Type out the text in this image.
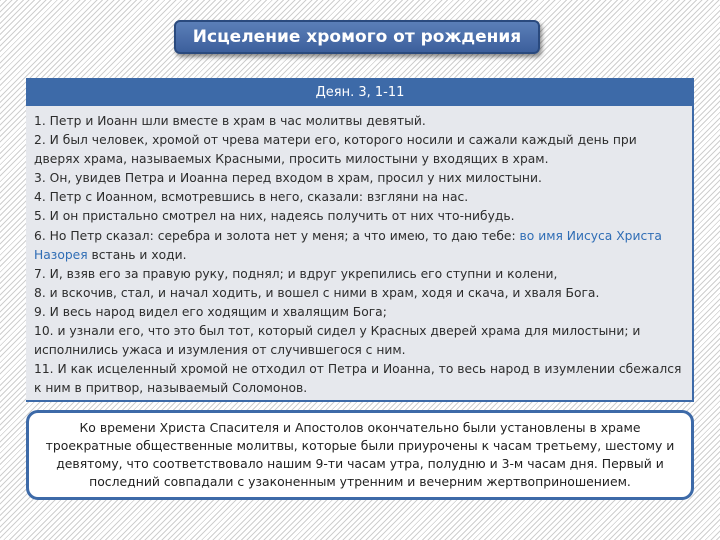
Исцеление хромого от рождения
Деян. 3, 1-11
1. Петр и Иоанн шли вместе в храм в час молитвы девятый.
2. И был человек, хромой от чрева матери его, которого носили и сажали каждый день при дверях храма, называемых Красными, просить милостыни у входящих в храм.
3. Он, увидев Петра и Иоанна перед входом в храм, просил у них милостыни.
4. Петр с Иоанном, всмотревшись в него, сказали: взгляни на нас.
5. И он пристально смотрел на них, надеясь получить от них что-нибудь.
6. Но Петр сказал: серебра и золота нет у меня; а что имею, то даю тебе: во имя Иисуса Христа Назорея встань и ходи.
7. И, взяв его за правую руку, поднял; и вдруг укрепились его ступни и колени,
8. и вскочив, стал, и начал ходить, и вошел с ними в храм, ходя и скача, и хваля Бога.
9. И весь народ видел его ходящим и хвалящим Бога;
10. и узнали его, что это был тот, который сидел у Красных дверей храма для милостыни; и исполнились ужаса и изумления от случившегося с ним.
11. И как исцеленный хромой не отходил от Петра и Иоанна, то весь народ в изумлении сбежался к ним в притвор, называемый Соломонов.
Ко времени Христа Спасителя и Апостолов окончательно были установлены в храме троекратные общественные молитвы, которые были приурочены к часам третьему, шестому и девятому, что соответствовало нашим 9-ти часам утра, полудню и 3-м часам дня. Первый и последний совпадали с узаконенным утренним и вечерним жертвоприношением.
